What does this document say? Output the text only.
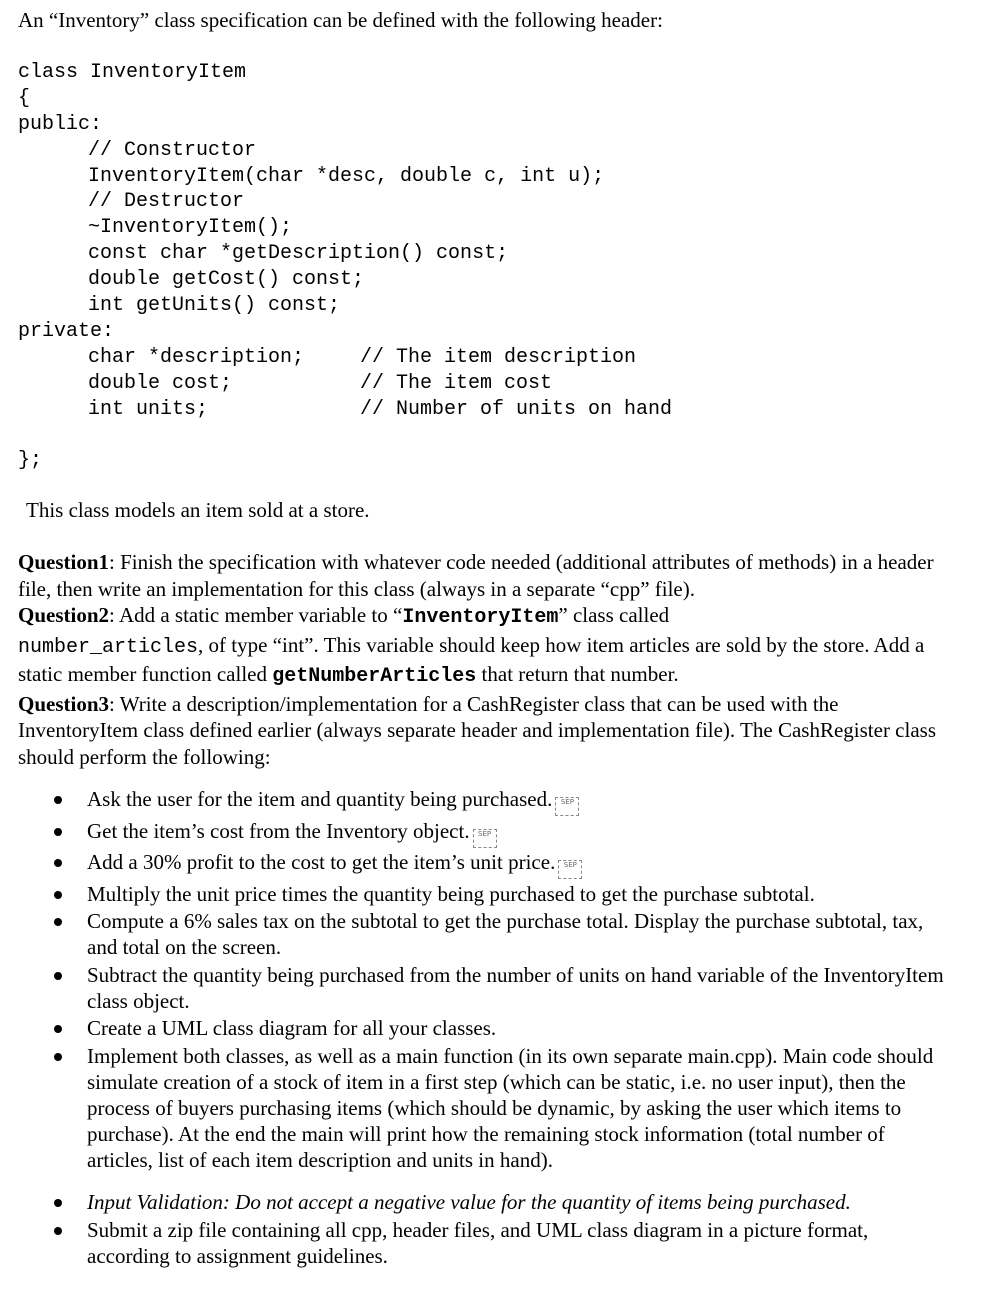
An “Inventory” class specification can be defined with the following header:
class InventoryItem
{
public:
// Constructor
InventoryItem(char *desc, double c, int u);
// Destructor
~InventoryItem();
const char *getDescription() const;
double getCost() const;
int getUnits() const;
private:
char *description;	// The item description
double cost;	// The item cost
int units;	// Number of units on hand
};
This class models an item sold at a store.

Question1: Finish the specification with whatever code needed (additional attributes of methods) in a header file, then write an implementation for this class (always in a separate “cpp” file).

Question2: Add a static member variable to “InventoryItem” class called
number_articles, of type “int”. This variable should keep how item articles are sold by the store. Add a static member function called getNumberArticles that return that number.

Question3: Write a description/implementation for a CashRegister class that can be used with the InventoryItem class defined earlier (always separate header and implementation file). The CashRegister class should perform the following:

Ask the user for the item and quantity being purchased. SEP
Get the item’s cost from the Inventory object. SEP
Add a 30% profit to the cost to get the item’s unit price. SEP
Multiply the unit price times the quantity being purchased to get the purchase subtotal.
Compute a 6% sales tax on the subtotal to get the purchase total. Display the purchase subtotal, tax, and total on the screen.
Subtract the quantity being purchased from the number of units on hand variable of the InventoryItem class object.
Create a UML class diagram for all your classes.
Implement both classes, as well as a main function (in its own separate main.cpp). Main code should simulate creation of a stock of item in a first step (which can be static, i.e. no user input), then the process of buyers purchasing items (which should be dynamic, by asking the user which items to purchase). At the end the main will print how the remaining stock information (total number of articles, list of each item description and units in hand).
Input Validation: Do not accept a negative value for the quantity of items being purchased.
Submit a zip file containing all cpp, header files, and UML class diagram in a picture format, according to assignment guidelines.
